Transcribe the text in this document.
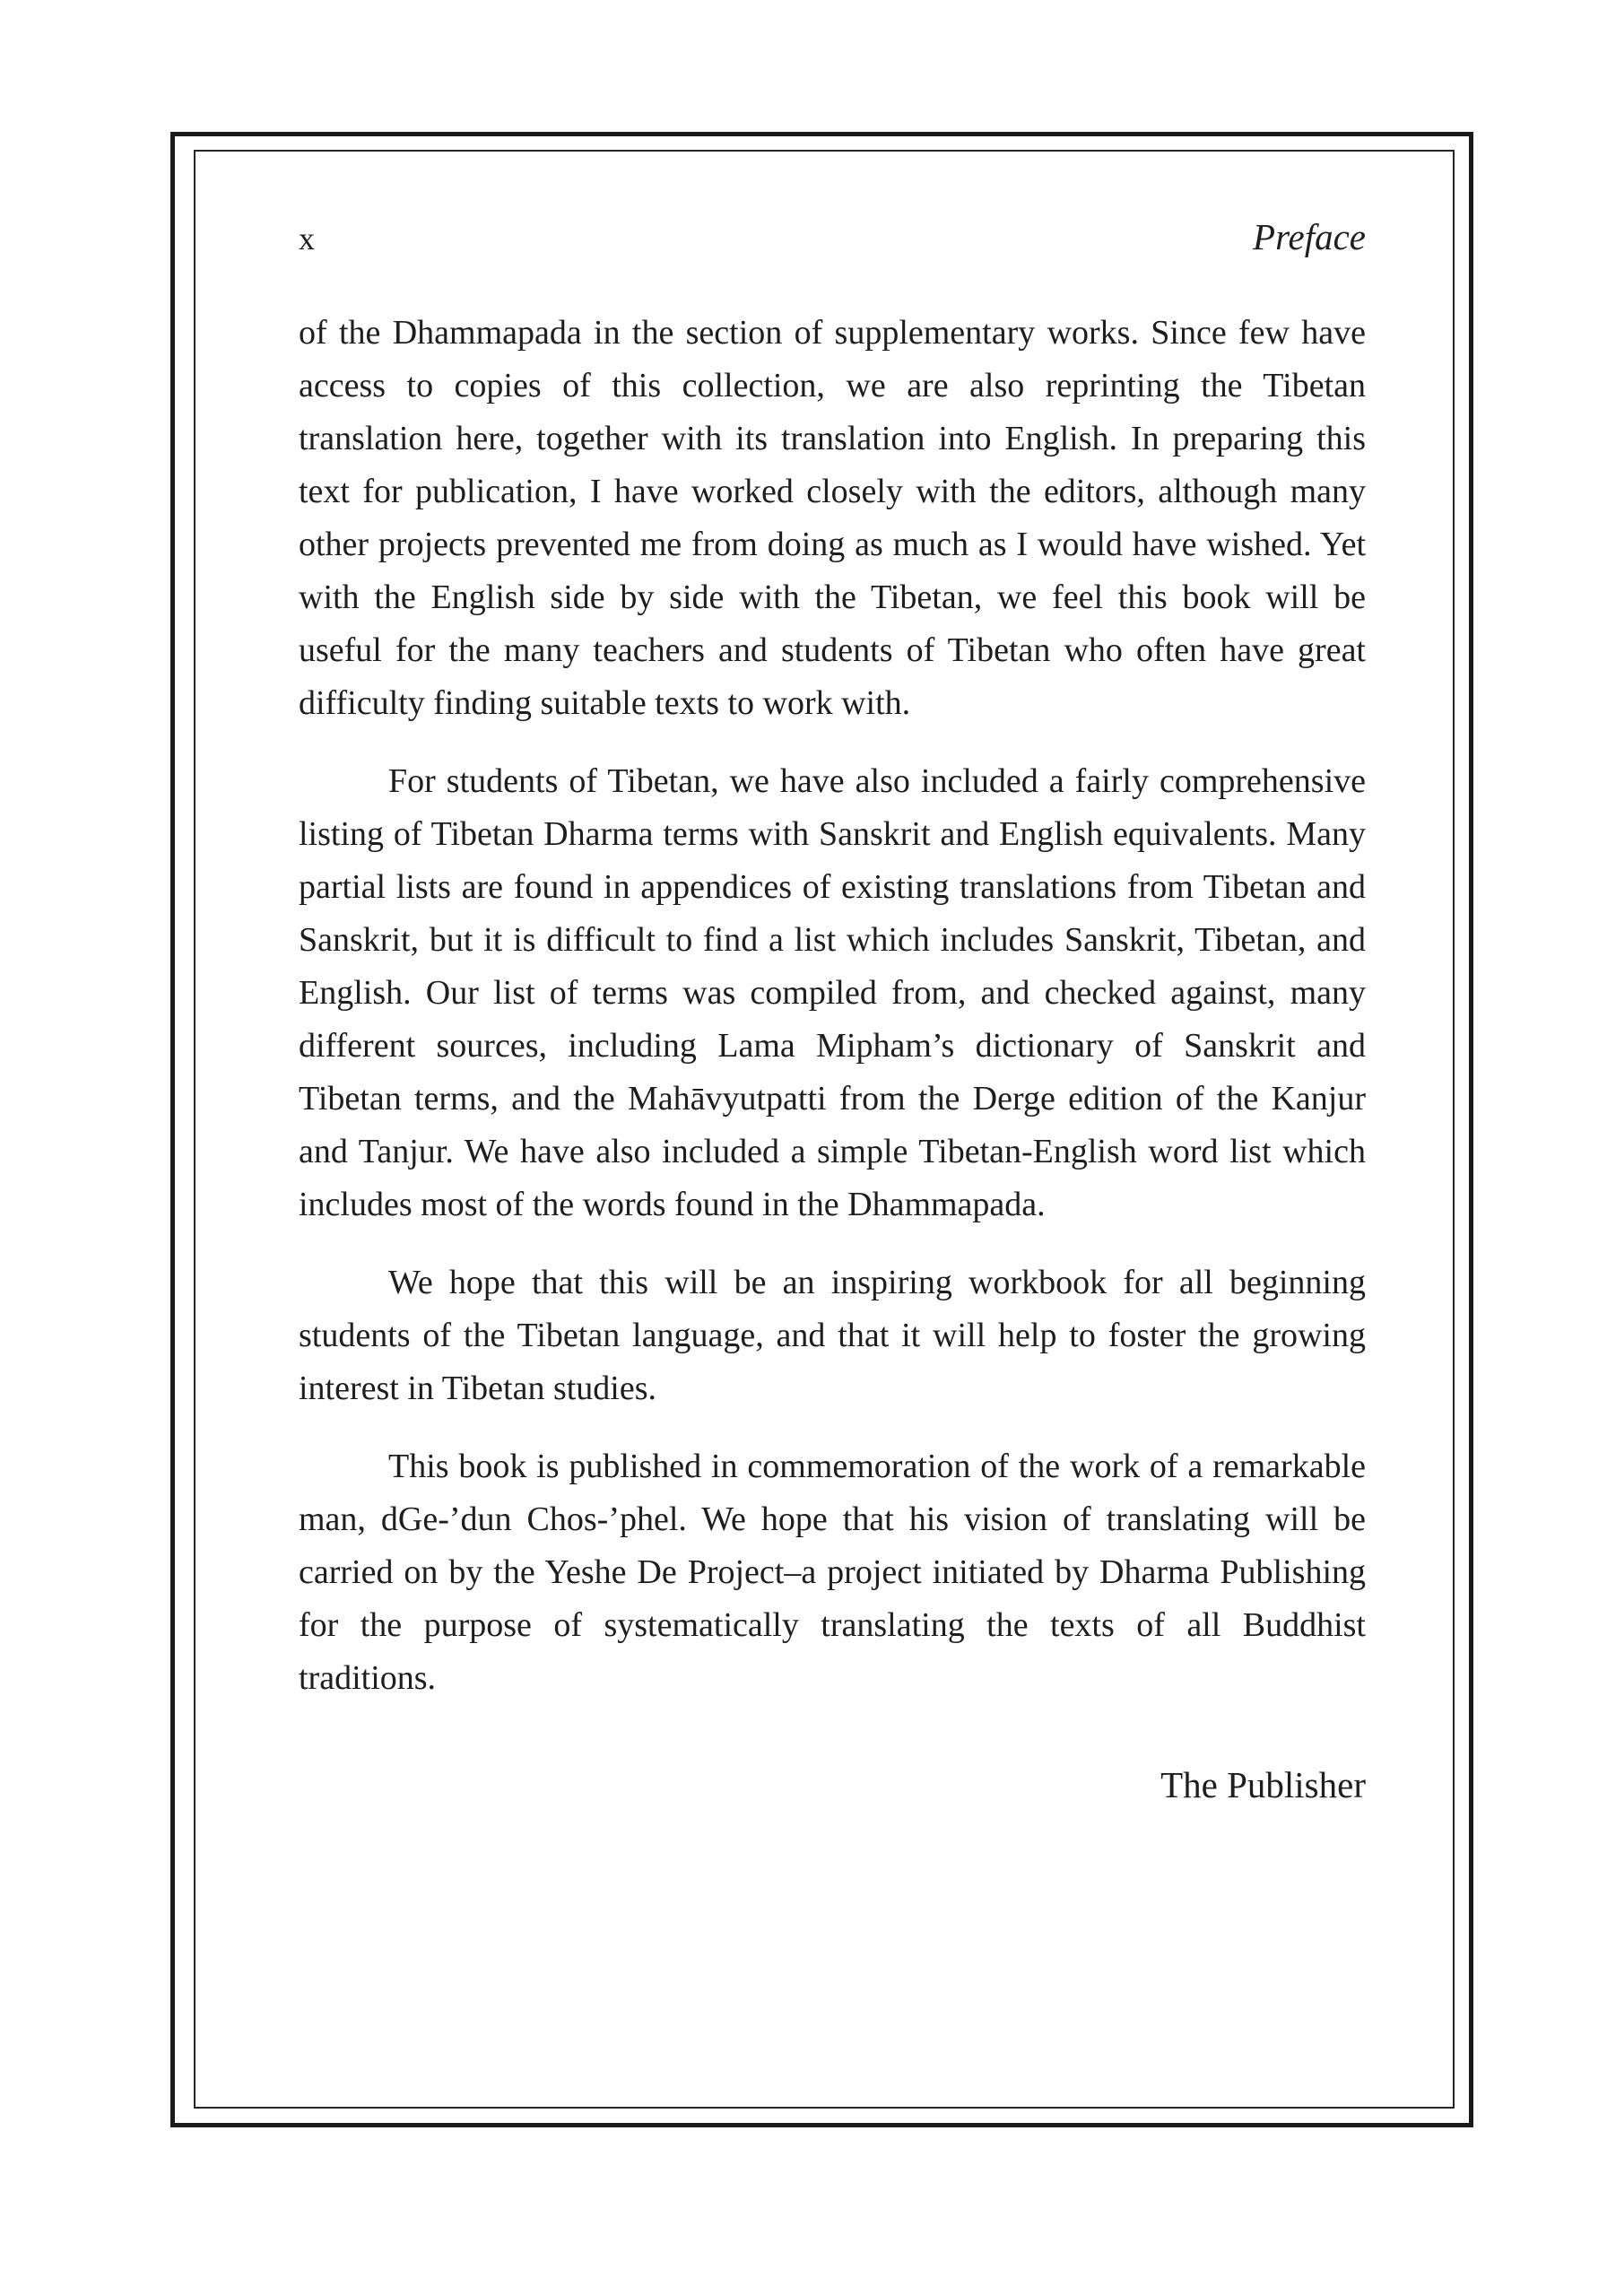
x	Preface

of the Dhammapada in the section of supplementary works. Since few have access to copies of this collection, we are also reprinting the Tibetan translation here, together with its translation into English. In preparing this text for publication, I have worked closely with the editors, although many other projects prevented me from doing as much as I would have wished. Yet with the English side by side with the Tibetan, we feel this book will be useful for the many teachers and students of Tibetan who often have great difficulty finding suitable texts to work with.

For students of Tibetan, we have also included a fairly comprehensive listing of Tibetan Dharma terms with Sanskrit and English equivalents. Many partial lists are found in appendices of existing translations from Tibetan and Sanskrit, but it is difficult to find a list which includes Sanskrit, Tibetan, and English. Our list of terms was compiled from, and checked against, many different sources, including Lama Mipham’s dictionary of Sanskrit and Tibetan terms, and the Mahāvyutpatti from the Derge edition of the Kanjur and Tanjur. We have also included a simple Tibetan-English word list which includes most of the words found in the Dhammapada.

We hope that this will be an inspiring workbook for all beginning students of the Tibetan language, and that it will help to foster the growing interest in Tibetan studies.

This book is published in commemoration of the work of a remarkable man, dGe-’dun Chos-’phel. We hope that his vision of translating will be carried on by the Yeshe De Project–a project initiated by Dharma Publishing for the purpose of systematically translating the texts of all Buddhist traditions.

The Publisher
